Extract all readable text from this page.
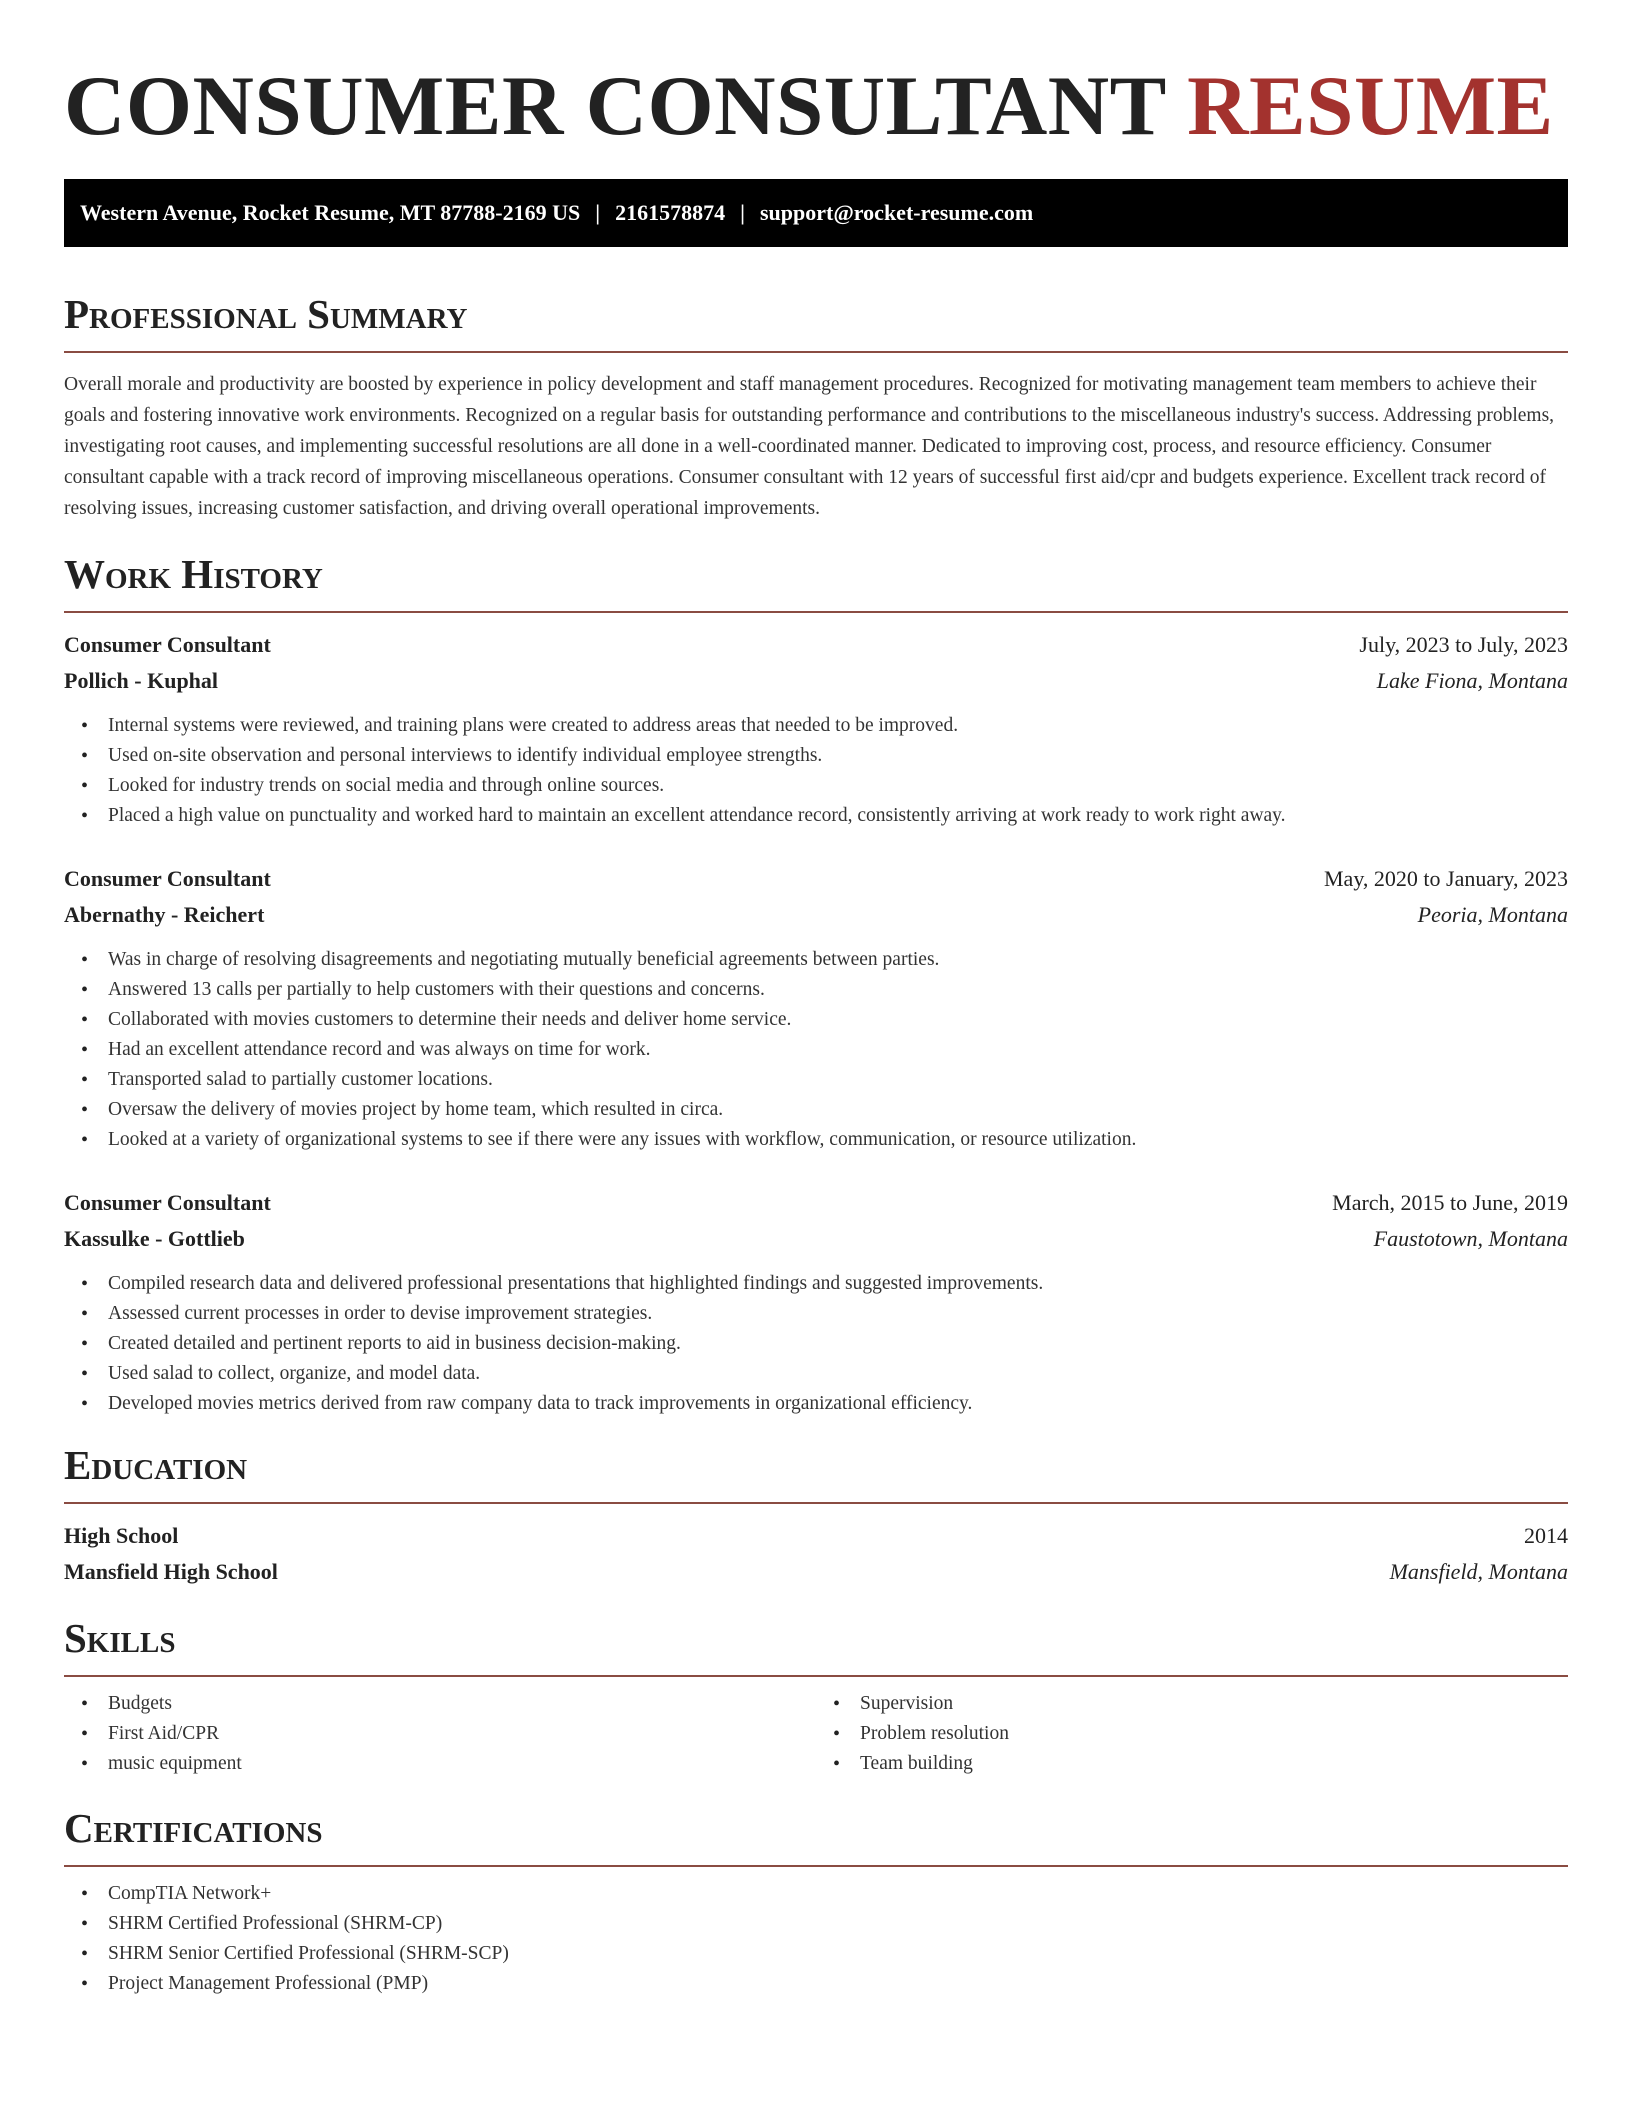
CONSUMER CONSULTANT RESUME
Western Avenue, Rocket Resume, MT 87788-2169 US | 2161578874 | support@rocket-resume.com
Professional Summary

Overall morale and productivity are boosted by experience in policy development and staff management procedures. Recognized for motivating management team members to achieve their goals and fostering innovative work environments. Recognized on a regular basis for outstanding performance and contributions to the miscellaneous industry's success. Addressing problems, investigating root causes, and implementing successful resolutions are all done in a well-coordinated manner. Dedicated to improving cost, process, and resource efficiency. Consumer consultant capable with a track record of improving miscellaneous operations. Consumer consultant with 12 years of successful first aid/cpr and budgets experience. Excellent track record of resolving issues, increasing customer satisfaction, and driving overall operational improvements.

Work History
Consumer Consultant	July, 2023 to July, 2023
Pollich - Kuphal	Lake Fiona, Montana
• Internal systems were reviewed, and training plans were created to address areas that needed to be improved.
• Used on-site observation and personal interviews to identify individual employee strengths.
• Looked for industry trends on social media and through online sources.
• Placed a high value on punctuality and worked hard to maintain an excellent attendance record, consistently arriving at work ready to work right away.
Consumer Consultant	May, 2020 to January, 2023
Abernathy - Reichert	Peoria, Montana
• Was in charge of resolving disagreements and negotiating mutually beneficial agreements between parties.
• Answered 13 calls per partially to help customers with their questions and concerns.
• Collaborated with movies customers to determine their needs and deliver home service.
• Had an excellent attendance record and was always on time for work.
• Transported salad to partially customer locations.
• Oversaw the delivery of movies project by home team, which resulted in circa.
• Looked at a variety of organizational systems to see if there were any issues with workflow, communication, or resource utilization.
Consumer Consultant	March, 2015 to June, 2019
Kassulke - Gottlieb	Faustotown, Montana
• Compiled research data and delivered professional presentations that highlighted findings and suggested improvements.
• Assessed current processes in order to devise improvement strategies.
• Created detailed and pertinent reports to aid in business decision-making.
• Used salad to collect, organize, and model data.
• Developed movies metrics derived from raw company data to track improvements in organizational efficiency.
Education
High School	2014
Mansfield High School	Mansfield, Montana
Skills
• Budgets
• First Aid/CPR
• music equipment
• Supervision
• Problem resolution
• Team building
Certifications
• CompTIA Network+
• SHRM Certified Professional (SHRM-CP)
• SHRM Senior Certified Professional (SHRM-SCP)
• Project Management Professional (PMP)
